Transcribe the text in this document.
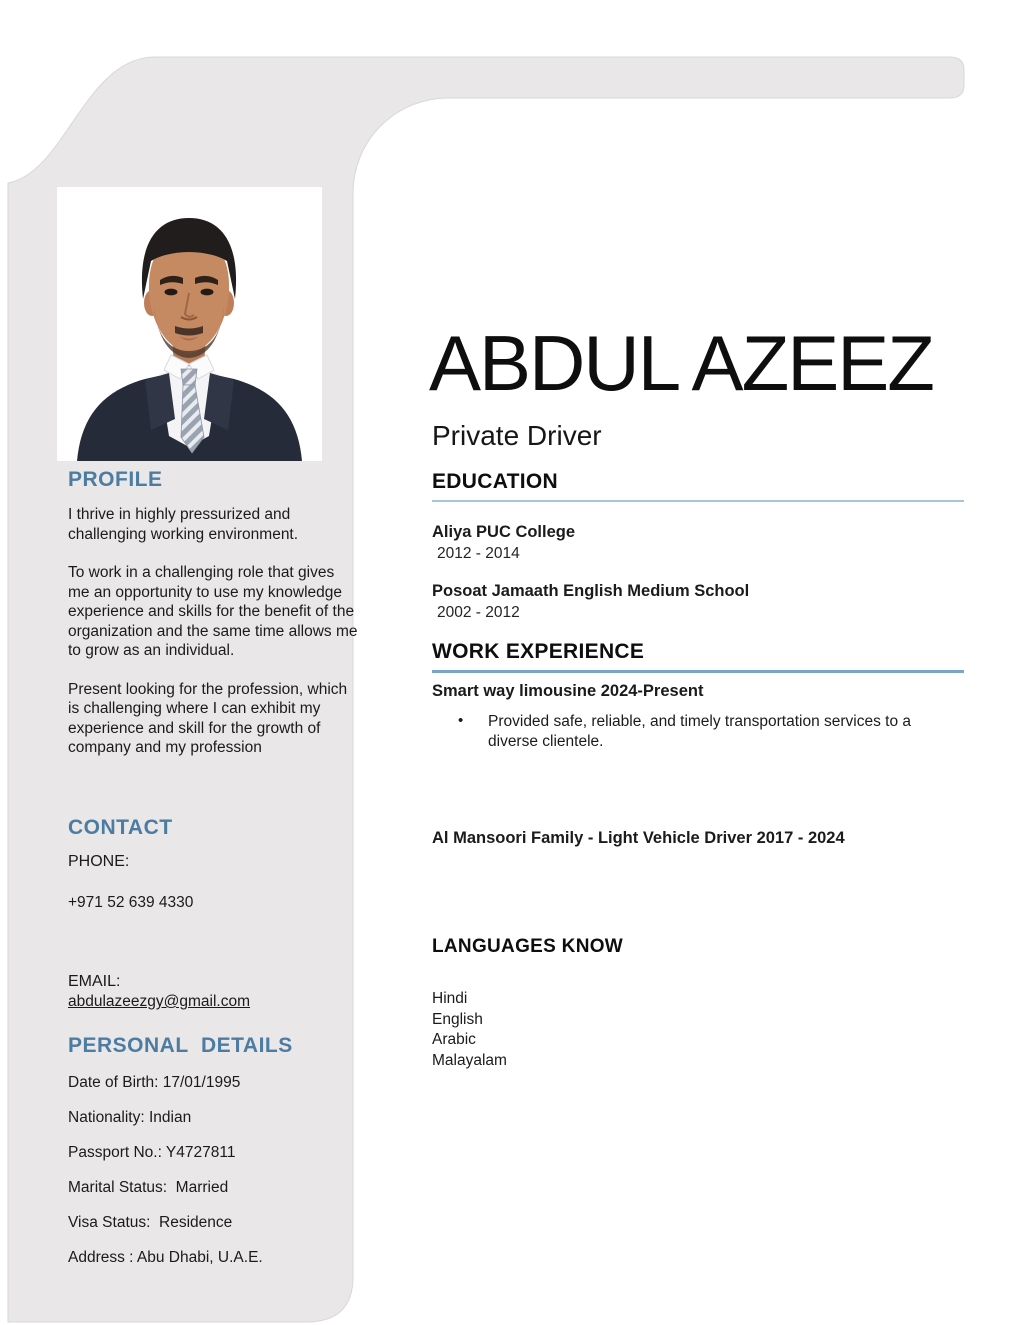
PROFILE

I thrive in highly pressurized and challenging working environment.

To work in a challenging role that gives me an opportunity to use my knowledge experience and skills for the benefit of the organization and the same time allows me to grow as an individual.

Present looking for the profession, which is challenging where I can exhibit my experience and skill for the growth of company and my profession

CONTACT

PHONE:

+971 52 639 4330

EMAIL:

abdulazeezgy@gmail.com
PERSONAL  DETAILS
Date of Birth: 17/01/1995
Nationality: Indian
Passport No.: Y4727811
Marital Status:  Married
Visa Status:  Residence
Address : Abu Dhabi, U.A.E.
ABDUL AZEEZ
Private Driver
EDUCATION
Aliya PUC College
2012 - 2014
Posoat Jamaath English Medium School
2002 - 2012
WORK EXPERIENCE
Smart way limousine 2024-Present
•	Provided safe, reliable, and timely transportation services to a diverse clientele.
Al Mansoori Family - Light Vehicle Driver 2017 - 2024
LANGUAGES KNOW
Hindi
English
Arabic
Malayalam
